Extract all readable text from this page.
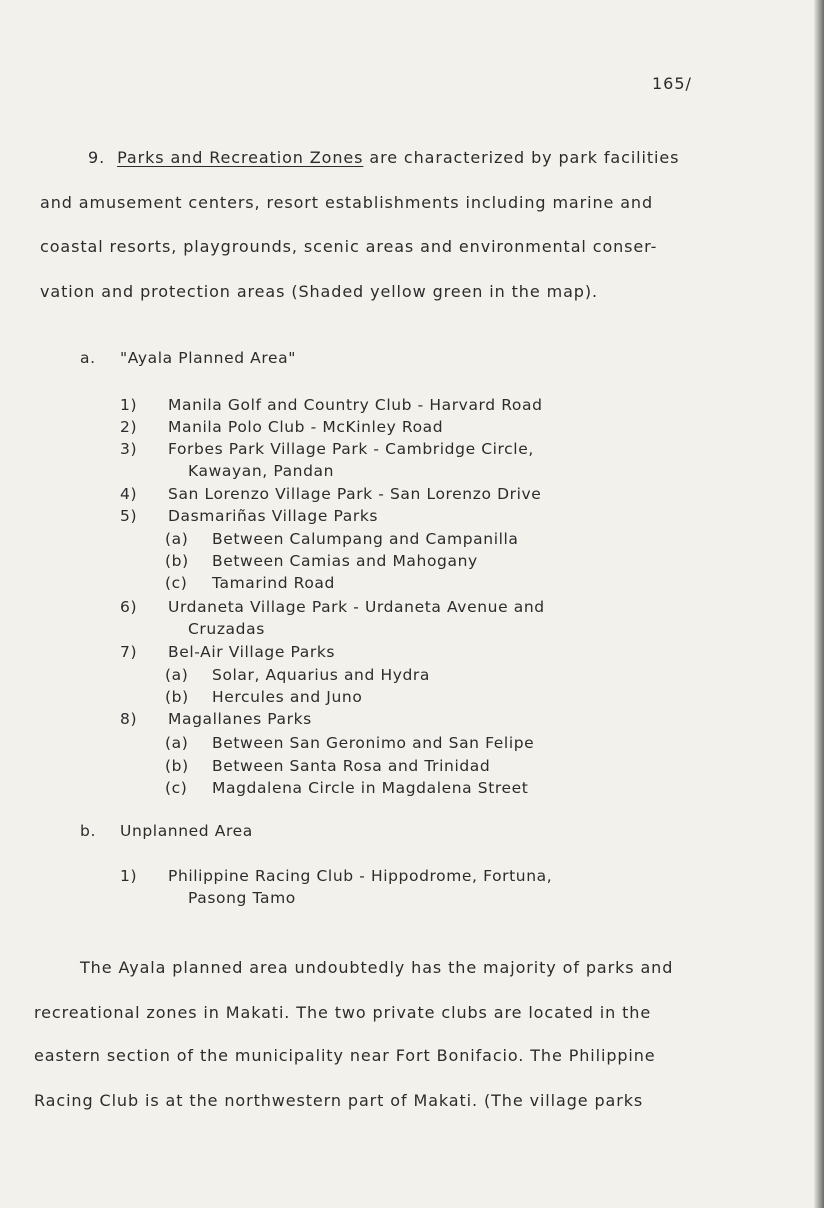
165/
9. Parks and Recreation Zones are characterized by park facilities
and amusement centers, resort establishments including marine and
coastal resorts, playgrounds, scenic areas and environmental conser-
vation and protection areas (Shaded yellow green in the map).
a. "Ayala Planned Area"
1) Manila Golf and Country Club - Harvard Road
2) Manila Polo Club - McKinley Road
3) Forbes Park Village Park - Cambridge Circle,
Kawayan, Pandan
4) San Lorenzo Village Park - San Lorenzo Drive
5) Dasmariñas Village Parks
(a) Between Calumpang and Campanilla
(b) Between Camias and Mahogany
(c) Tamarind Road
6) Urdaneta Village Park - Urdaneta Avenue and
Cruzadas
7) Bel-Air Village Parks
(a) Solar, Aquarius and Hydra
(b) Hercules and Juno
8) Magallanes Parks
(a) Between San Geronimo and San Felipe
(b) Between Santa Rosa and Trinidad
(c) Magdalena Circle in Magdalena Street
b. Unplanned Area
1) Philippine Racing Club - Hippodrome, Fortuna,
Pasong Tamo
The Ayala planned area undoubtedly has the majority of parks and
recreational zones in Makati. The two private clubs are located in the
eastern section of the municipality near Fort Bonifacio. The Philippine
Racing Club is at the northwestern part of Makati. (The village parks
